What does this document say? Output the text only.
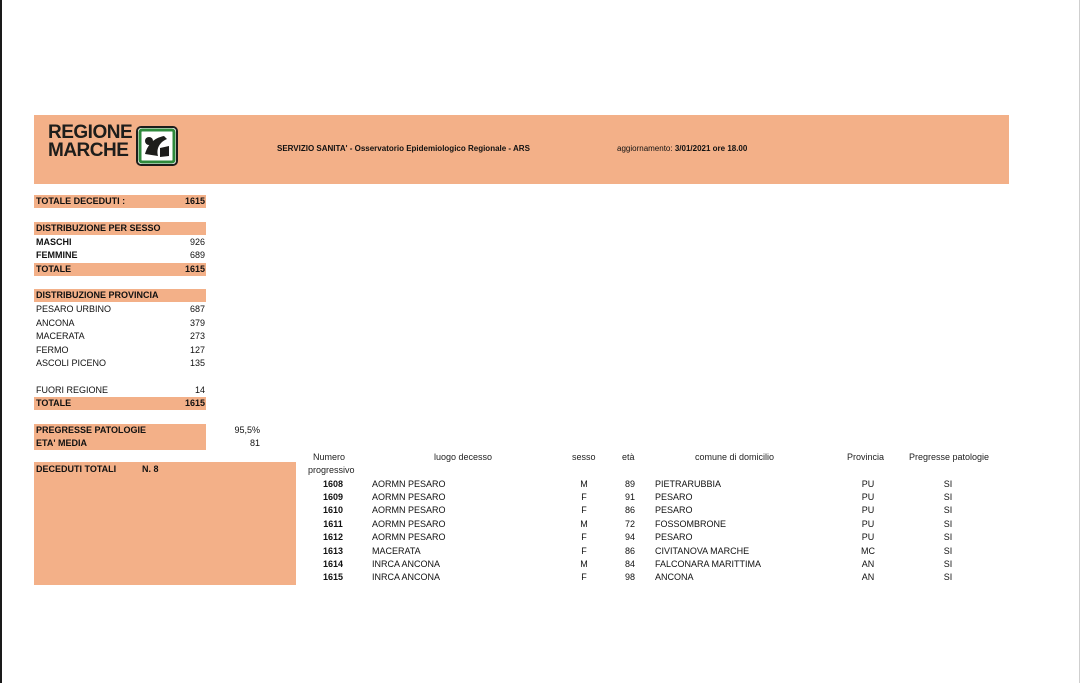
REGIONE
MARCHE	SERVIZIO SANITA' - Osservatorio Epidemiologico Regionale - ARS	aggiornamento: 3/01/2021 ore 18.00
TOTALE DECEDUTI :	1615
DISTRIBUZIONE PER SESSO
MASCHI	926
FEMMINE	689
TOTALE	1615
DISTRIBUZIONE PROVINCIA
PESARO URBINO	687
ANCONA	379
MACERATA	273
FERMO	127
ASCOLI PICENO	135
FUORI REGIONE	14
TOTALE	1615
PREGRESSE PATOLOGIE	95,5%
ETA' MEDIA	81
DECEDUTI TOTALI	N. 8
Numero
progressivo
luogo decesso	sesso	età	comune di domicilio	Provincia	Pregresse patologie
1608	AORMN PESARO	M	89	PIETRARUBBIA	PU	SI
1609	AORMN PESARO	F	91	PESARO	PU	SI
1610	AORMN PESARO	F	86	PESARO	PU	SI
1611	AORMN PESARO	M	72	FOSSOMBRONE	PU	SI
1612	AORMN PESARO	F	94	PESARO	PU	SI
1613	MACERATA	F	86	CIVITANOVA MARCHE	MC	SI
1614	INRCA ANCONA	M	84	FALCONARA MARITTIMA	AN	SI
1615	INRCA ANCONA	F	98	ANCONA	AN	SI
